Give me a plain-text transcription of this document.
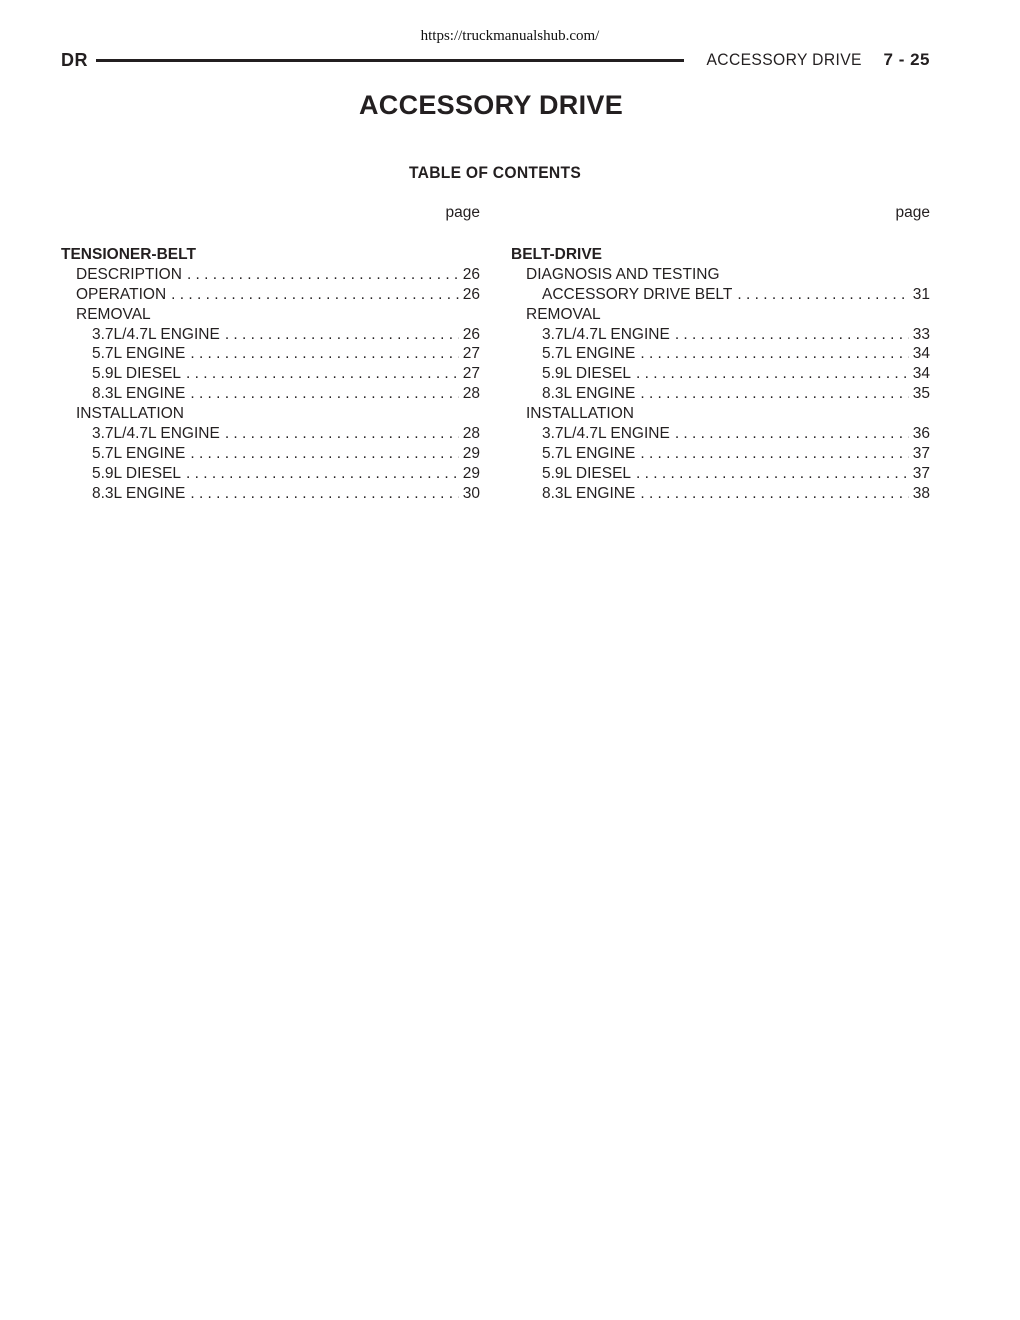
https://truckmanualshub.com/
DR	ACCESSORY DRIVE 7 - 25
ACCESSORY DRIVE
TABLE OF CONTENTS
page
TENSIONER-BELT
DESCRIPTION . . .	26
OPERATION . . .	26
REMOVAL
3.7L/4.7L ENGINE . . .	26
5.7L ENGINE . . .	27
5.9L DIESEL . . .	27
8.3L ENGINE . . .	28
INSTALLATION
3.7L/4.7L ENGINE . . .	28
5.7L ENGINE . . .	29
5.9L DIESEL . . .	29
8.3L ENGINE . . .	30
page
BELT-DRIVE
DIAGNOSIS AND TESTING
ACCESSORY DRIVE BELT . . .	31
REMOVAL
3.7L/4.7L ENGINE . . .	33
5.7L ENGINE . . .	34
5.9L DIESEL . . .	34
8.3L ENGINE . . .	35
INSTALLATION
3.7L/4.7L ENGINE . . .	36
5.7L ENGINE . . .	37
5.9L DIESEL . . .	37
8.3L ENGINE . . .	38
